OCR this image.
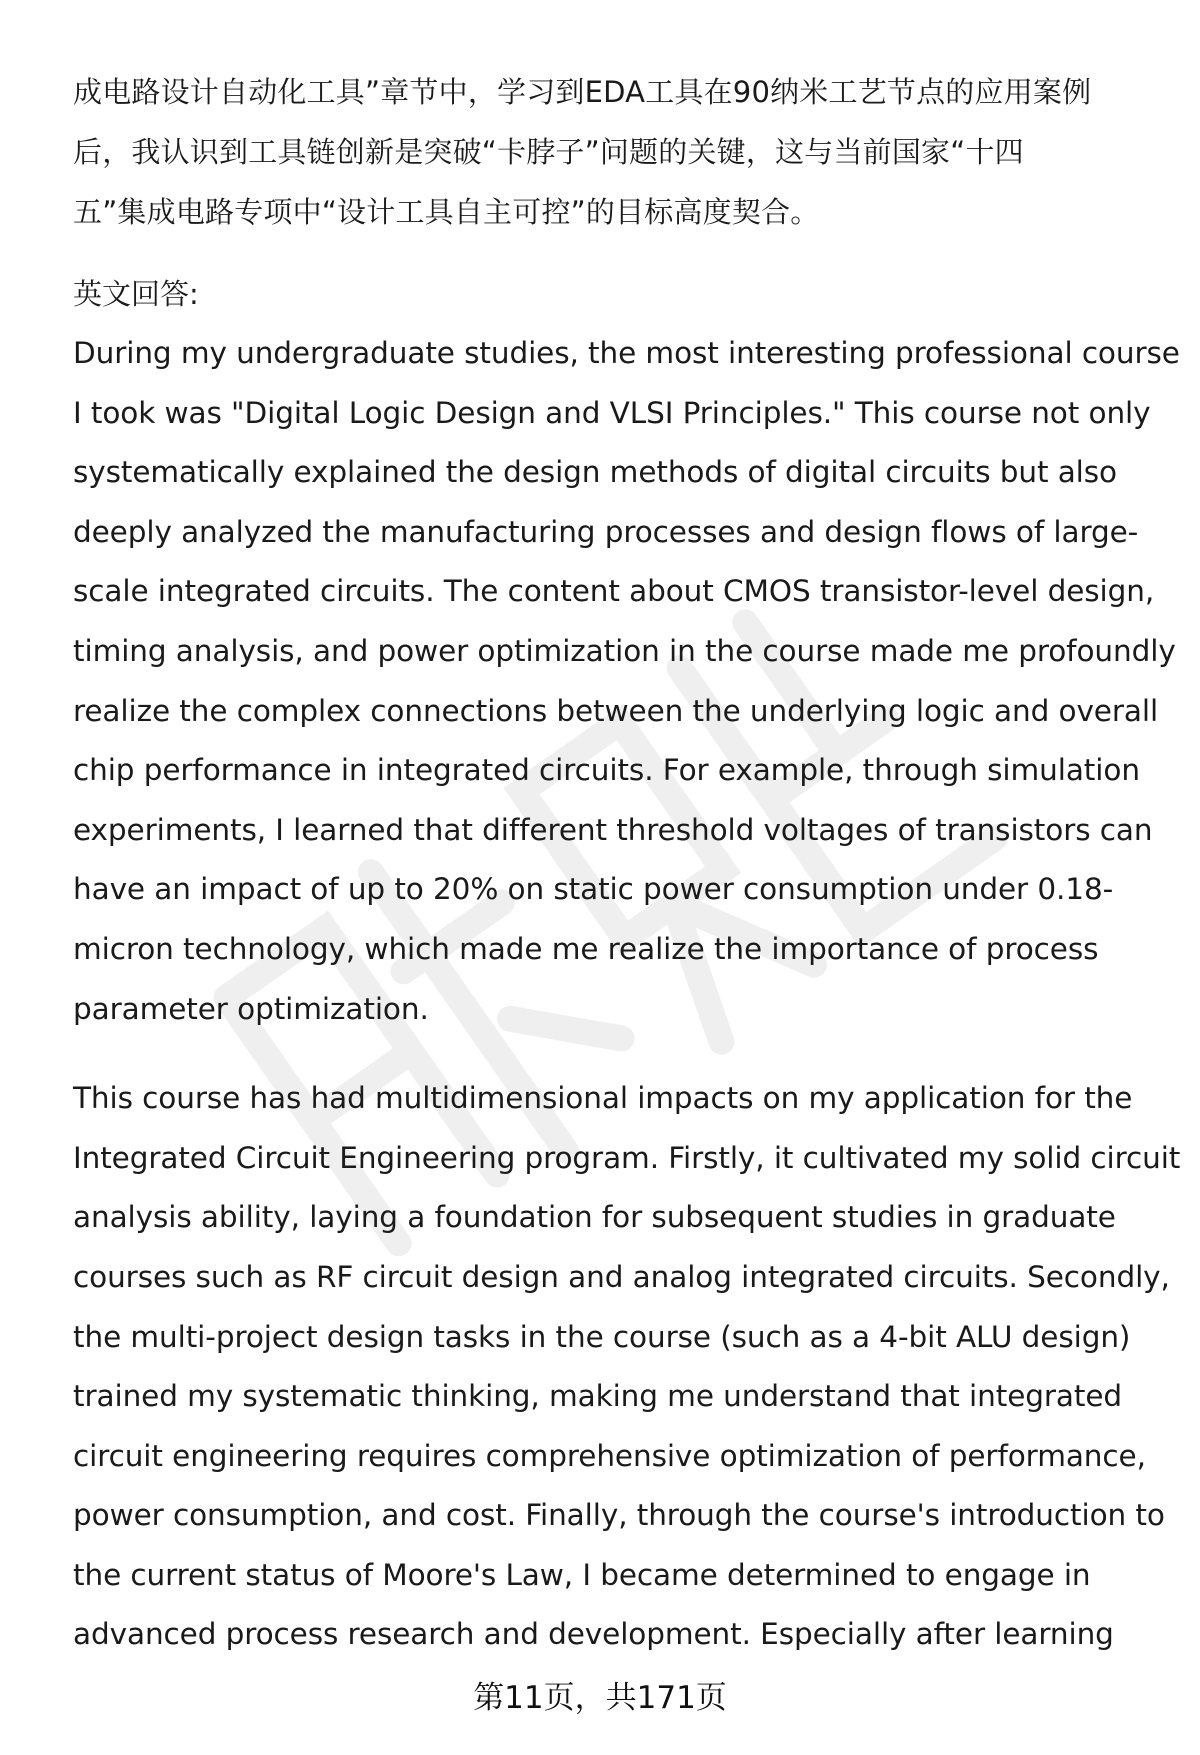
成电路设计自动化工具”章节中，学习到EDA工具在90纳米工艺节点的应用案例
后，我认识到工具链创新是突破“卡脖子”问题的关键，这与当前国家“十四
五”集成电路专项中“设计工具自主可控”的目标高度契合。

英文回答:

During my undergraduate studies, the most interesting professional course
I took was "Digital Logic Design and VLSI Principles." This course not only
systematically explained the design methods of digital circuits but also
deeply analyzed the manufacturing processes and design flows of large-
scale integrated circuits. The content about CMOS transistor-level design,
timing analysis, and power optimization in the course made me profoundly
realize the complex connections between the underlying logic and overall
chip performance in integrated circuits. For example, through simulation
experiments, I learned that different threshold voltages of transistors can
have an impact of up to 20% on static power consumption under 0.18-
micron technology, which made me realize the importance of process
parameter optimization.

This course has had multidimensional impacts on my application for the
Integrated Circuit Engineering program. Firstly, it cultivated my solid circuit
analysis ability, laying a foundation for subsequent studies in graduate
courses such as RF circuit design and analog integrated circuits. Secondly,
the multi-project design tasks in the course (such as a 4-bit ALU design)
trained my systematic thinking, making me understand that integrated
circuit engineering requires comprehensive optimization of performance,
power consumption, and cost. Finally, through the course's introduction to
the current status of Moore's Law, I became determined to engage in
advanced process research and development. Especially after learning

第11页，共171页
